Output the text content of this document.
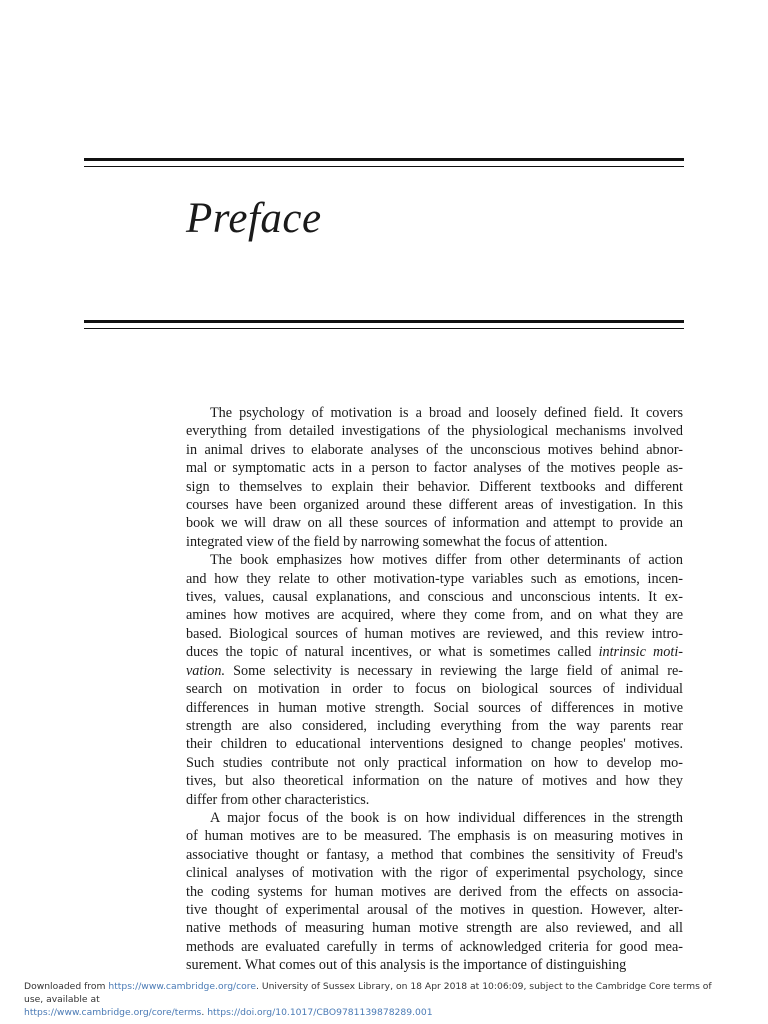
Preface

The psychology of motivation is a broad and loosely defined field. It covers
everything from detailed investigations of the physiological mechanisms involved
in animal drives to elaborate analyses of the unconscious motives behind abnor-
mal or symptomatic acts in a person to factor analyses of the motives people as-
sign to themselves to explain their behavior. Different textbooks and different
courses have been organized around these different areas of investigation. In this
book we will draw on all these sources of information and attempt to provide an
integrated view of the field by narrowing somewhat the focus of attention.

The book emphasizes how motives differ from other determinants of action
and how they relate to other motivation-type variables such as emotions, incen-
tives, values, causal explanations, and conscious and unconscious intents. It ex-
amines how motives are acquired, where they come from, and on what they are
based. Biological sources of human motives are reviewed, and this review intro-
duces the topic of natural incentives, or what is sometimes called intrinsic moti-
vation. Some selectivity is necessary in reviewing the large field of animal re-
search on motivation in order to focus on biological sources of individual
differences in human motive strength. Social sources of differences in motive
strength are also considered, including everything from the way parents rear
their children to educational interventions designed to change peoples' motives.
Such studies contribute not only practical information on how to develop mo-
tives, but also theoretical information on the nature of motives and how they
differ from other characteristics.

A major focus of the book is on how individual differences in the strength
of human motives are to be measured. The emphasis is on measuring motives in
associative thought or fantasy, a method that combines the sensitivity of Freud's
clinical analyses of motivation with the rigor of experimental psychology, since
the coding systems for human motives are derived from the effects on associa-
tive thought of experimental arousal of the motives in question. However, alter-
native methods of measuring human motive strength are also reviewed, and all
methods are evaluated carefully in terms of acknowledged criteria for good mea-
surement. What comes out of this analysis is the importance of distinguishing

Downloaded from https://www.cambridge.org/core. University of Sussex Library, on 18 Apr 2018 at 10:06:09, subject to the Cambridge Core terms of use, available at
https://www.cambridge.org/core/terms. https://doi.org/10.1017/CBO9781139878289.001
